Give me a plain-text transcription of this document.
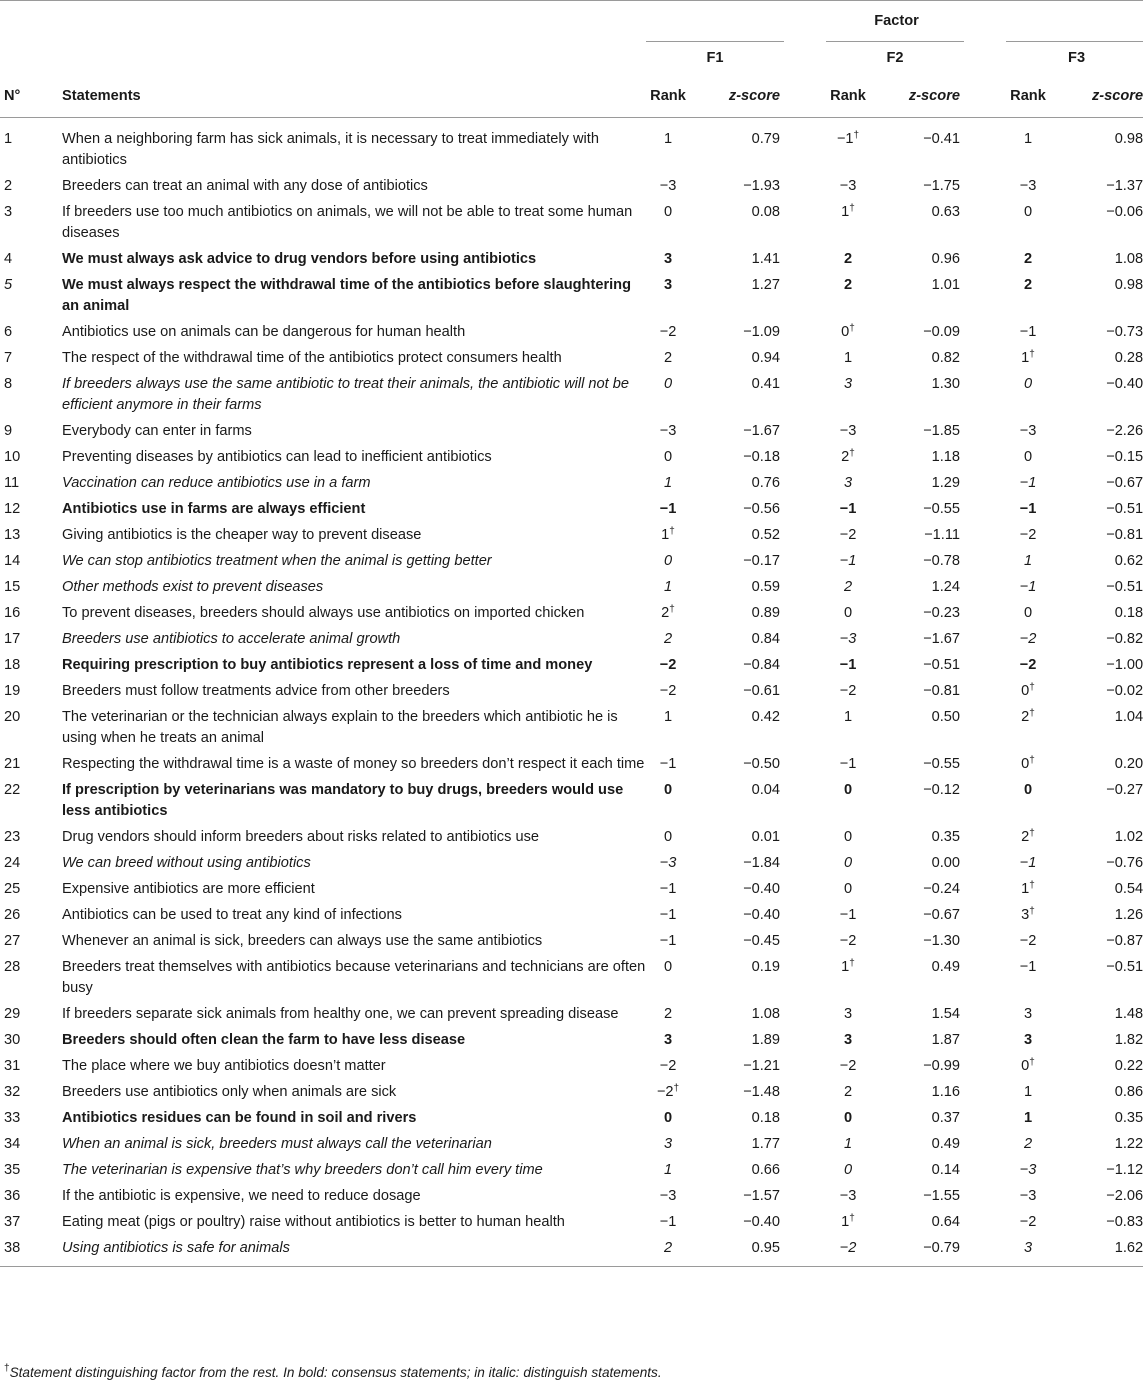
		Factor							
		F1			F2			F3	

N°	Statements	Rank	z-score		Rank	z-score		Rank	z-score
1	When a neighboring farm has sick animals, it is necessary to treat immediately with antibiotics	1	0.79		−1†	−0.41		1	0.98
2	Breeders can treat an animal with any dose of antibiotics	−3	−1.93		−3	−1.75		−3	−1.37
3	If breeders use too much antibiotics on animals, we will not be able to treat some human diseases	0	0.08		1†	0.63		0	−0.06
4	We must always ask advice to drug vendors before using antibiotics	3	1.41		2	0.96		2	1.08
5	We must always respect the withdrawal time of the antibiotics before slaughtering an animal	3	1.27		2	1.01		2	0.98
6	Antibiotics use on animals can be dangerous for human health	−2	−1.09		0†	−0.09		−1	−0.73
7	The respect of the withdrawal time of the antibiotics protect consumers health	2	0.94		1	0.82		1†	0.28
8	If breeders always use the same antibiotic to treat their animals, the antibiotic will not be efficient anymore in their farms	0	0.41		3	1.30		0	−0.40
9	Everybody can enter in farms	−3	−1.67		−3	−1.85		−3	−2.26
10	Preventing diseases by antibiotics can lead to inefficient antibiotics	0	−0.18		2†	1.18		0	−0.15
11	Vaccination can reduce antibiotics use in a farm	1	0.76		3	1.29		−1	−0.67
12	Antibiotics use in farms are always efficient	−1	−0.56		−1	−0.55		−1	−0.51
13	Giving antibiotics is the cheaper way to prevent disease	1†	0.52		−2	−1.11		−2	−0.81
14	We can stop antibiotics treatment when the animal is getting better	0	−0.17		−1	−0.78		1	0.62
15	Other methods exist to prevent diseases	1	0.59		2	1.24		−1	−0.51
16	To prevent diseases, breeders should always use antibiotics on imported chicken	2†	0.89		0	−0.23		0	0.18
17	Breeders use antibiotics to accelerate animal growth	2	0.84		−3	−1.67		−2	−0.82
18	Requiring prescription to buy antibiotics represent a loss of time and money	−2	−0.84		−1	−0.51		−2	−1.00
19	Breeders must follow treatments advice from other breeders	−2	−0.61		−2	−0.81		0†	−0.02
20	The veterinarian or the technician always explain to the breeders which antibiotic he is using when he treats an animal	1	0.42		1	0.50		2†	1.04
21	Respecting the withdrawal time is a waste of money so breeders don’t respect it each time	−1	−0.50		−1	−0.55		0†	0.20
22	If prescription by veterinarians was mandatory to buy drugs, breeders would use less antibiotics	0	0.04		0	−0.12		0	−0.27
23	Drug vendors should inform breeders about risks related to antibiotics use	0	0.01		0	0.35		2†	1.02
24	We can breed without using antibiotics	−3	−1.84		0	0.00		−1	−0.76
25	Expensive antibiotics are more efficient	−1	−0.40		0	−0.24		1†	0.54
26	Antibiotics can be used to treat any kind of infections	−1	−0.40		−1	−0.67		3†	1.26
27	Whenever an animal is sick, breeders can always use the same antibiotics	−1	−0.45		−2	−1.30		−2	−0.87
28	Breeders treat themselves with antibiotics because veterinarians and technicians are often busy	0	0.19		1†	0.49		−1	−0.51
29	If breeders separate sick animals from healthy one, we can prevent spreading disease	2	1.08		3	1.54		3	1.48
30	Breeders should often clean the farm to have less disease	3	1.89		3	1.87		3	1.82
31	The place where we buy antibiotics doesn’t matter	−2	−1.21		−2	−0.99		0†	0.22
32	Breeders use antibiotics only when animals are sick	−2†	−1.48		2	1.16		1	0.86
33	Antibiotics residues can be found in soil and rivers	0	0.18		0	0.37		1	0.35
34	When an animal is sick, breeders must always call the veterinarian	3	1.77		1	0.49		2	1.22
35	The veterinarian is expensive that’s why breeders don’t call him every time	1	0.66		0	0.14		−3	−1.12
36	If the antibiotic is expensive, we need to reduce dosage	−3	−1.57		−3	−1.55		−3	−2.06
37	Eating meat (pigs or poultry) raise without antibiotics is better to human health	−1	−0.40		1†	0.64		−2	−0.83
38	Using antibiotics is safe for animals	2	0.95		−2	−0.79		3	1.62
†Statement distinguishing factor from the rest. In bold: consensus statements; in italic: distinguish statements.
